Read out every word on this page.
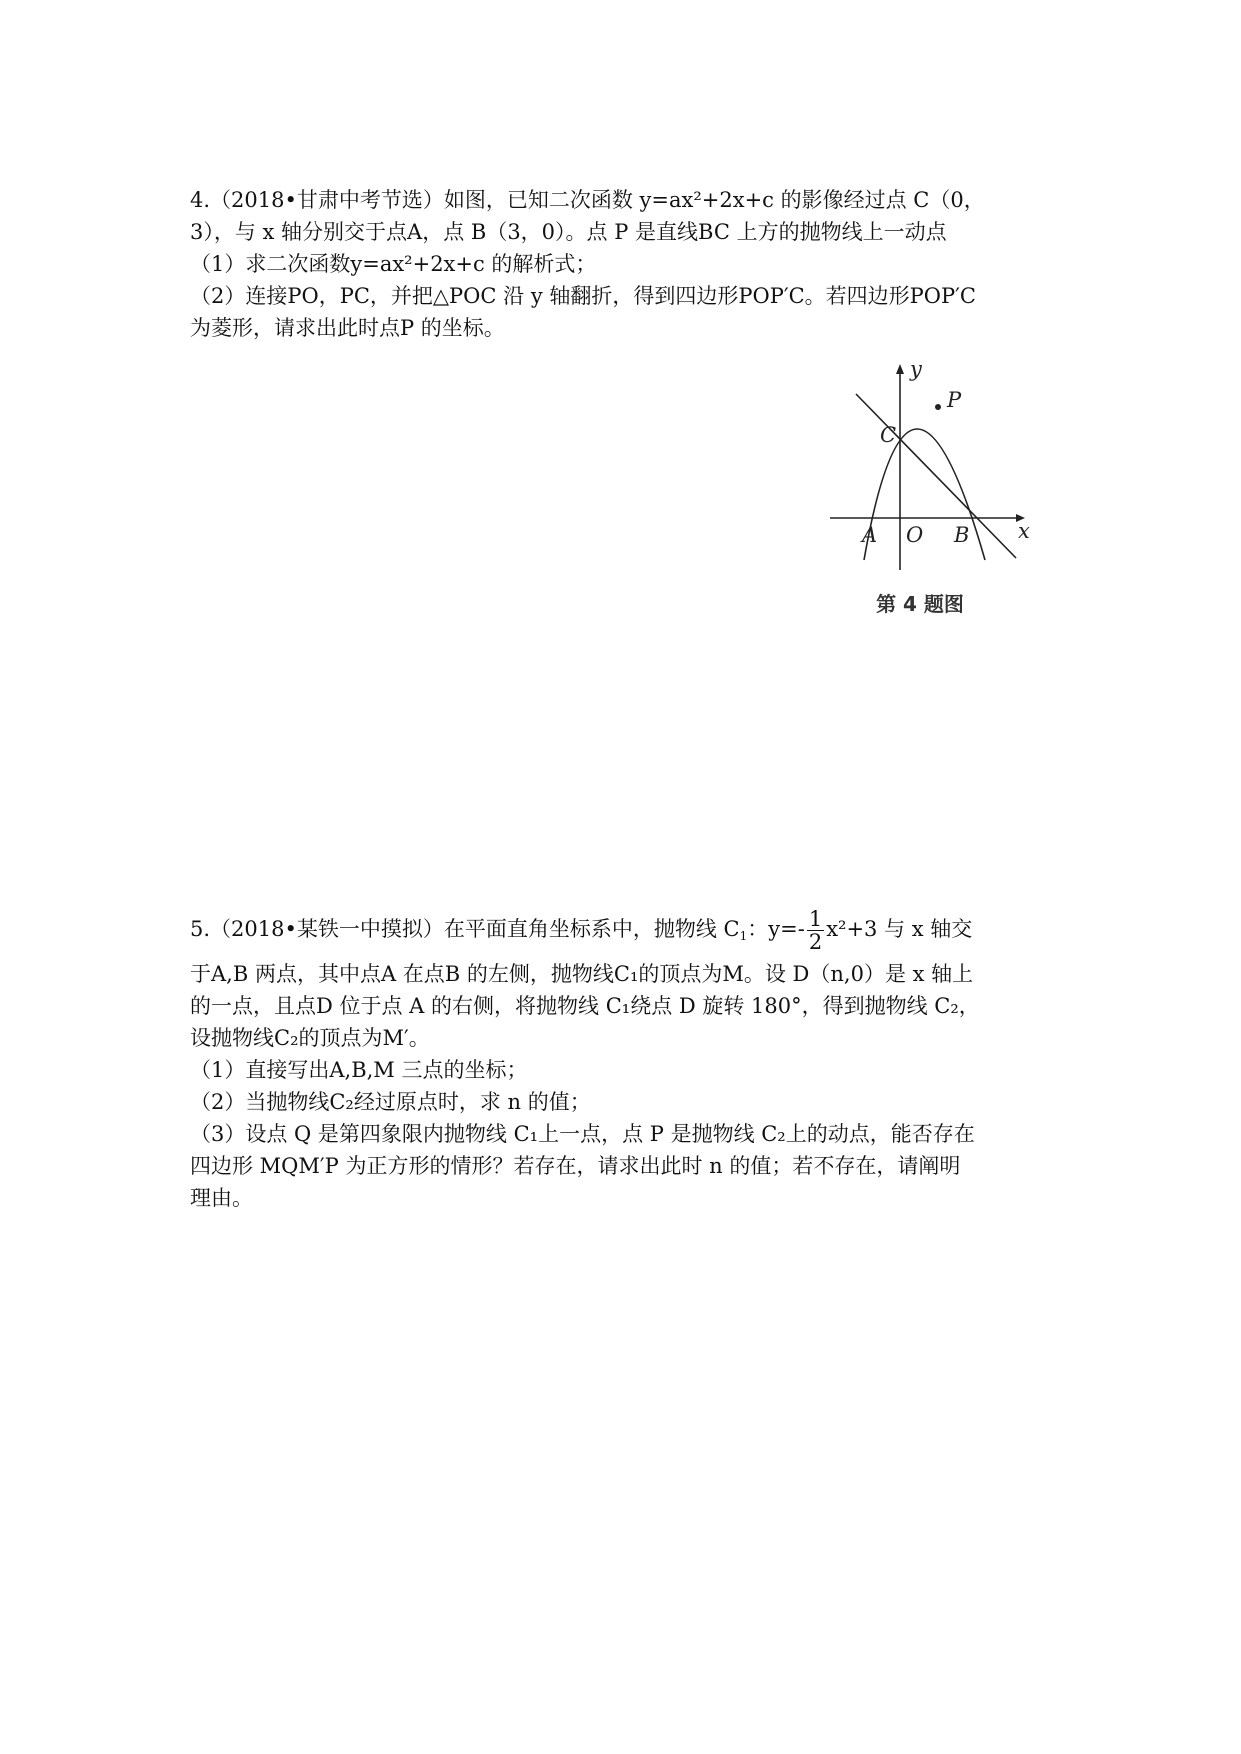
4.（2018•甘肃中考节选）如图，已知二次函数 y=ax²+2x+c 的影像经过点 C（0，

3），与 x 轴分别交于点A，点 B（3，0）。点 P 是直线BC 上方的抛物线上一动点

（1）求二次函数y=ax²+2x+c 的解析式；

（2）连接PO，PC，并把△POC 沿 y 轴翻折，得到四边形POP′C。若四边形POP′C

为菱形，请求出此时点P 的坐标。

y
x
P
C
A O B
第 4 题图

5.（2018•某铁一中摸拟）在平面直角坐标系中，抛物线 $C_1$：$y=- \frac{1}{2} x^2+3$ 与 x 轴交

于A,B 两点，其中点A 在点B 的左侧，抛物线C₁的顶点为M。设 D（n,0）是 x 轴上

的一点，且点D 位于点 A 的右侧，将抛物线 C₁绕点 D 旋转 180°，得到抛物线 C₂，

设抛物线C₂的顶点为M′。

（1）直接写出A,B,M 三点的坐标；

（2）当抛物线C₂经过原点时，求 n 的值；

（3）设点 Q 是第四象限内抛物线 C₁上一点，点 P 是抛物线 C₂上的动点，能否存在

四边形 MQM′P 为正方形的情形？若存在，请求出此时 n 的值；若不存在，请阐明

理由。
